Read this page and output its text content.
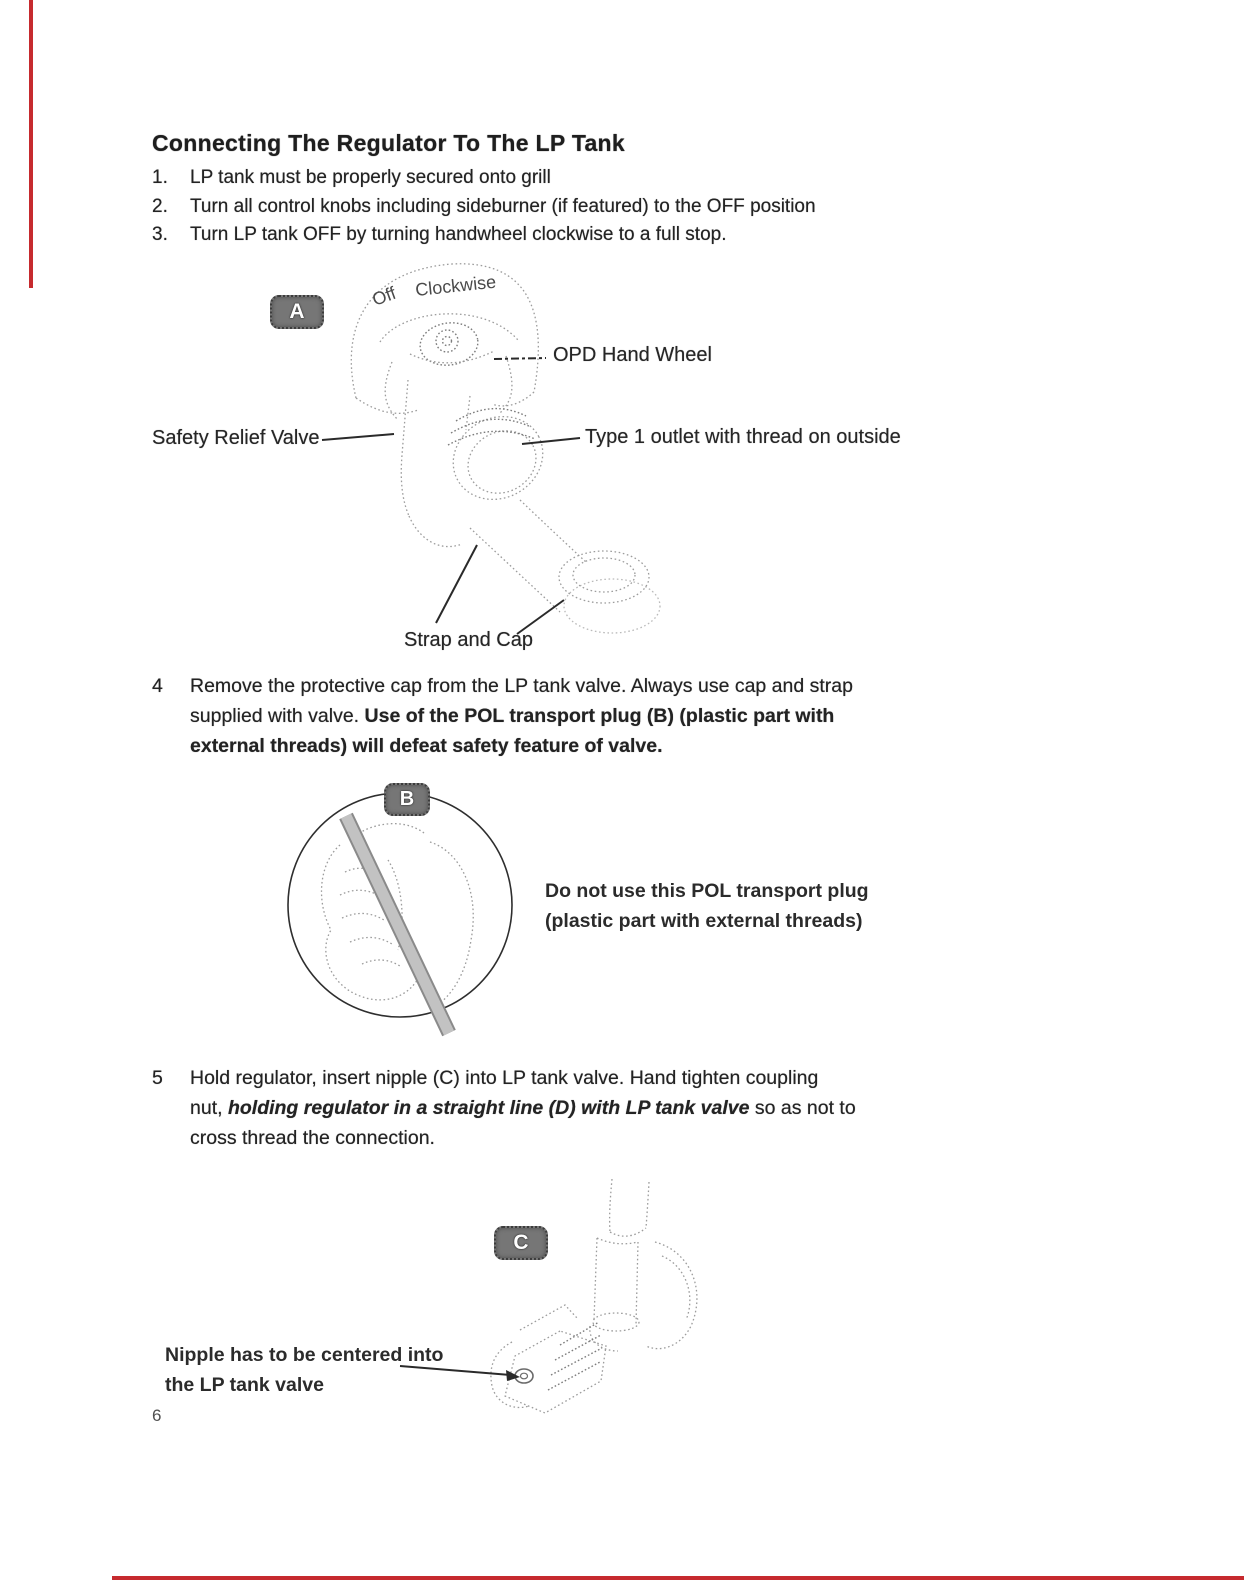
Connecting The Regulator To The LP Tank
1. LP tank must be properly secured onto grill
2. Turn all control knobs including sideburner (if featured) to the OFF position
3. Turn LP tank OFF by turning handwheel clockwise to a full stop.
Off Clockwise
A
OPD Hand Wheel
Safety Relief Valve	Type 1 outlet with thread on outside
Strap and Cap
4 Remove the protective cap from the LP tank valve. Always use cap and strap
supplied with valve. Use of the POL transport plug (B) (plastic part with
external threads) will defeat safety feature of valve.
B
Do not use this POL transport plug
(plastic part with external threads)
5 Hold regulator, insert nipple (C) into LP tank valve. Hand tighten coupling
nut, holding regulator in a straight line (D) with LP tank valve so as not to
cross thread the connection.
C
Nipple has to be centered into
the LP tank valve
6
